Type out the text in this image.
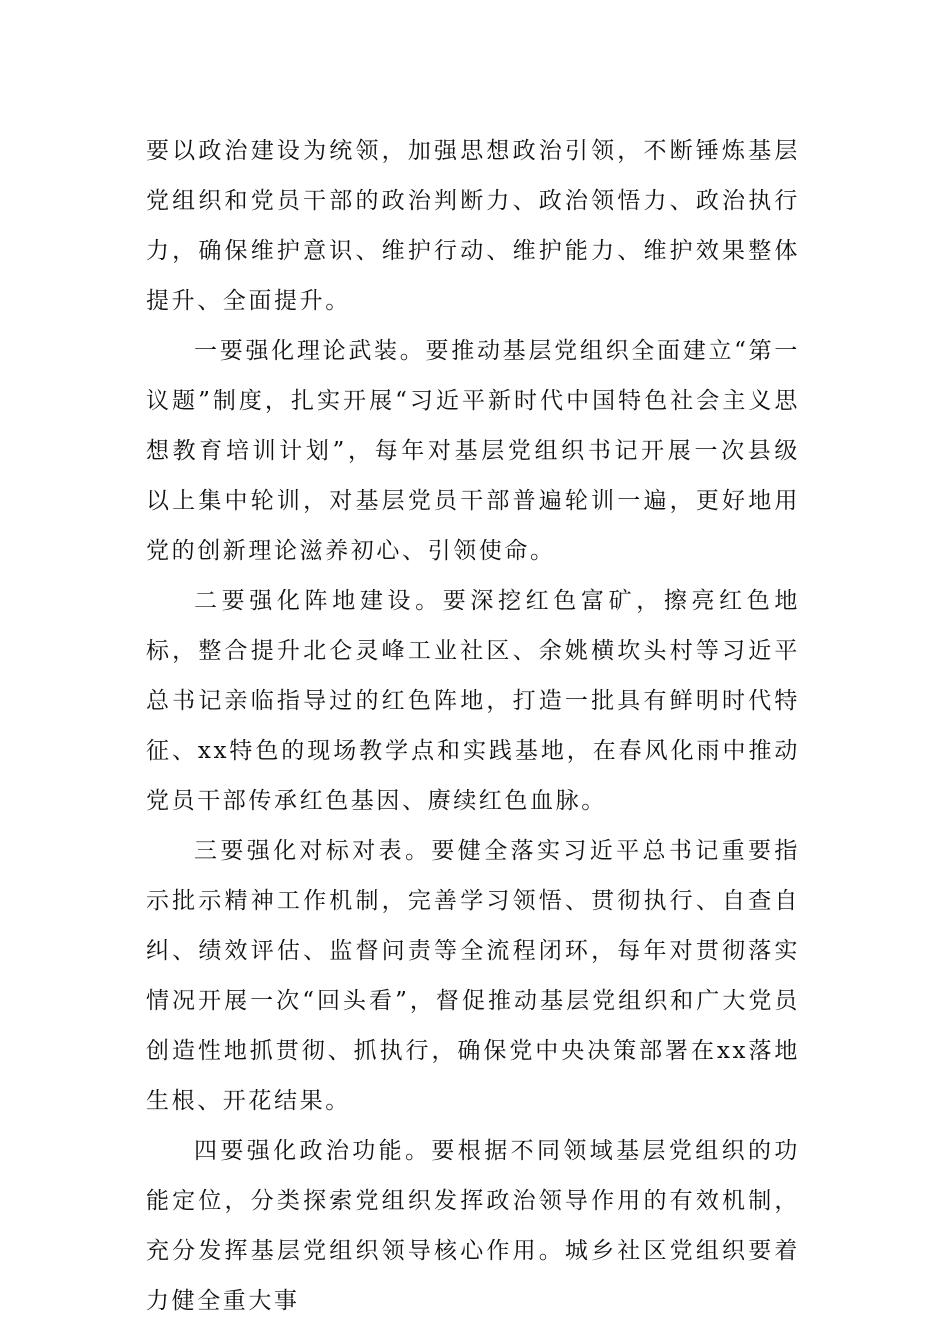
要以政治建设为统领，加强思想政治引领，不断锤炼基层党组织和党员干部的政治判断力、政治领悟力、政治执行力，确保维护意识、维护行动、维护能力、维护效果整体提升、全面提升。

一要强化理论武装。要推动基层党组织全面建立“第一议题”制度，扎实开展“习近平新时代中国特色社会主义思想教育培训计划”，每年对基层党组织书记开展一次县级以上集中轮训，对基层党员干部普遍轮训一遍，更好地用党的创新理论滋养初心、引领使命。

二要强化阵地建设。要深挖红色富矿，擦亮红色地标，整合提升北仑灵峰工业社区、余姚横坎头村等习近平总书记亲临指导过的红色阵地，打造一批具有鲜明时代特征、xx特色的现场教学点和实践基地，在春风化雨中推动党员干部传承红色基因、赓续红色血脉。

三要强化对标对表。要健全落实习近平总书记重要指示批示精神工作机制，完善学习领悟、贯彻执行、自查自纠、绩效评估、监督问责等全流程闭环，每年对贯彻落实情况开展一次“回头看”，督促推动基层党组织和广大党员创造性地抓贯彻、抓执行，确保党中央决策部署在xx落地生根、开花结果。

四要强化政治功能。要根据不同领域基层党组织的功能定位，分类探索党组织发挥政治领导作用的有效机制，充分发挥基层党组织领导核心作用。城乡社区党组织要着力健全重大事
